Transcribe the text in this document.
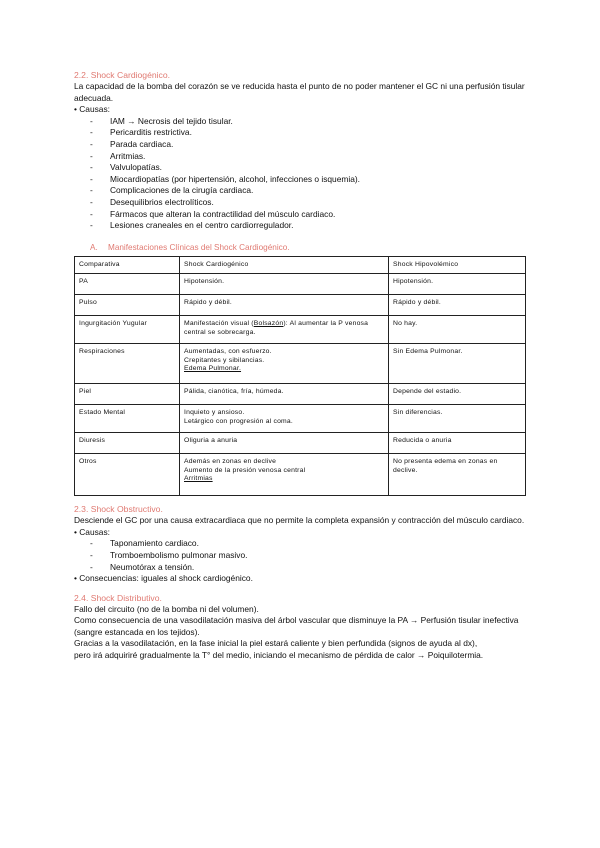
2.2. Shock Cardiogénico.

La capacidad de la bomba del corazón se ve reducida hasta el punto de no poder mantener el GC ni una perfusión tisular adecuada.

• Causas:

- IAM → Necrosis del tejido tisular.
- Pericarditis restrictiva.
- Parada cardiaca.
- Arritmias.
- Valvulopatías.
- Miocardiopatías (por hipertensión, alcohol, infecciones o isquemia).
- Complicaciones de la cirugía cardiaca.
- Desequilibrios electrolíticos.
- Fármacos que alteran la contractilidad del músculo cardiaco.
- Lesiones craneales en el centro cardiorregulador.

A. Manifestaciones Clínicas del Shock Cardiogénico.

Comparativa	Shock Cardiogénico	Shock Hipovolémico
PA	Hipotensión.	Hipotensión.
Pulso	Rápido y débil.	Rápido y débil.
Ingurgitación Yugular	Manifestación visual (Bolsazón): Al aumentar la P venosa central se sobrecarga.	No hay.
Respiraciones	Aumentadas, con esfuerzo.
Crepitantes y sibilancias.
Edema Pulmonar.	Sin Edema Pulmonar.
Piel	Pálida, cianótica, fría, húmeda.	Depende del estadio.
Estado Mental	Inquieto y ansioso.
Letárgico con progresión al coma.	Sin diferencias.
Diuresis	Oliguria a anuria	Reducida o anuria
Otros	Además en zonas en declive
Aumento de la presión venosa central
Arritmias	No presenta edema en zonas en declive.

2.3. Shock Obstructivo.

Desciende el GC por una causa extracardiaca que no permite la completa expansión y contracción del músculo cardiaco.

• Causas:

- Taponamiento cardiaco.
- Tromboembolismo pulmonar masivo.
- Neumotórax a tensión.

• Consecuencias: iguales al shock cardiogénico.

2.4. Shock Distributivo.

Fallo del circuito (no de la bomba ni del volumen).

Como consecuencia de una vasodilatación masiva del árbol vascular que disminuye la PA → Perfusión tisular inefectiva (sangre estancada en los tejidos).

Gracias a la vasodilatación, en la fase inicial la piel estará caliente y bien perfundida (signos de ayuda al dx),

pero irá adquiriré gradualmente la T° del medio, iniciando el mecanismo de pérdida de calor → Poiquilotermia.
